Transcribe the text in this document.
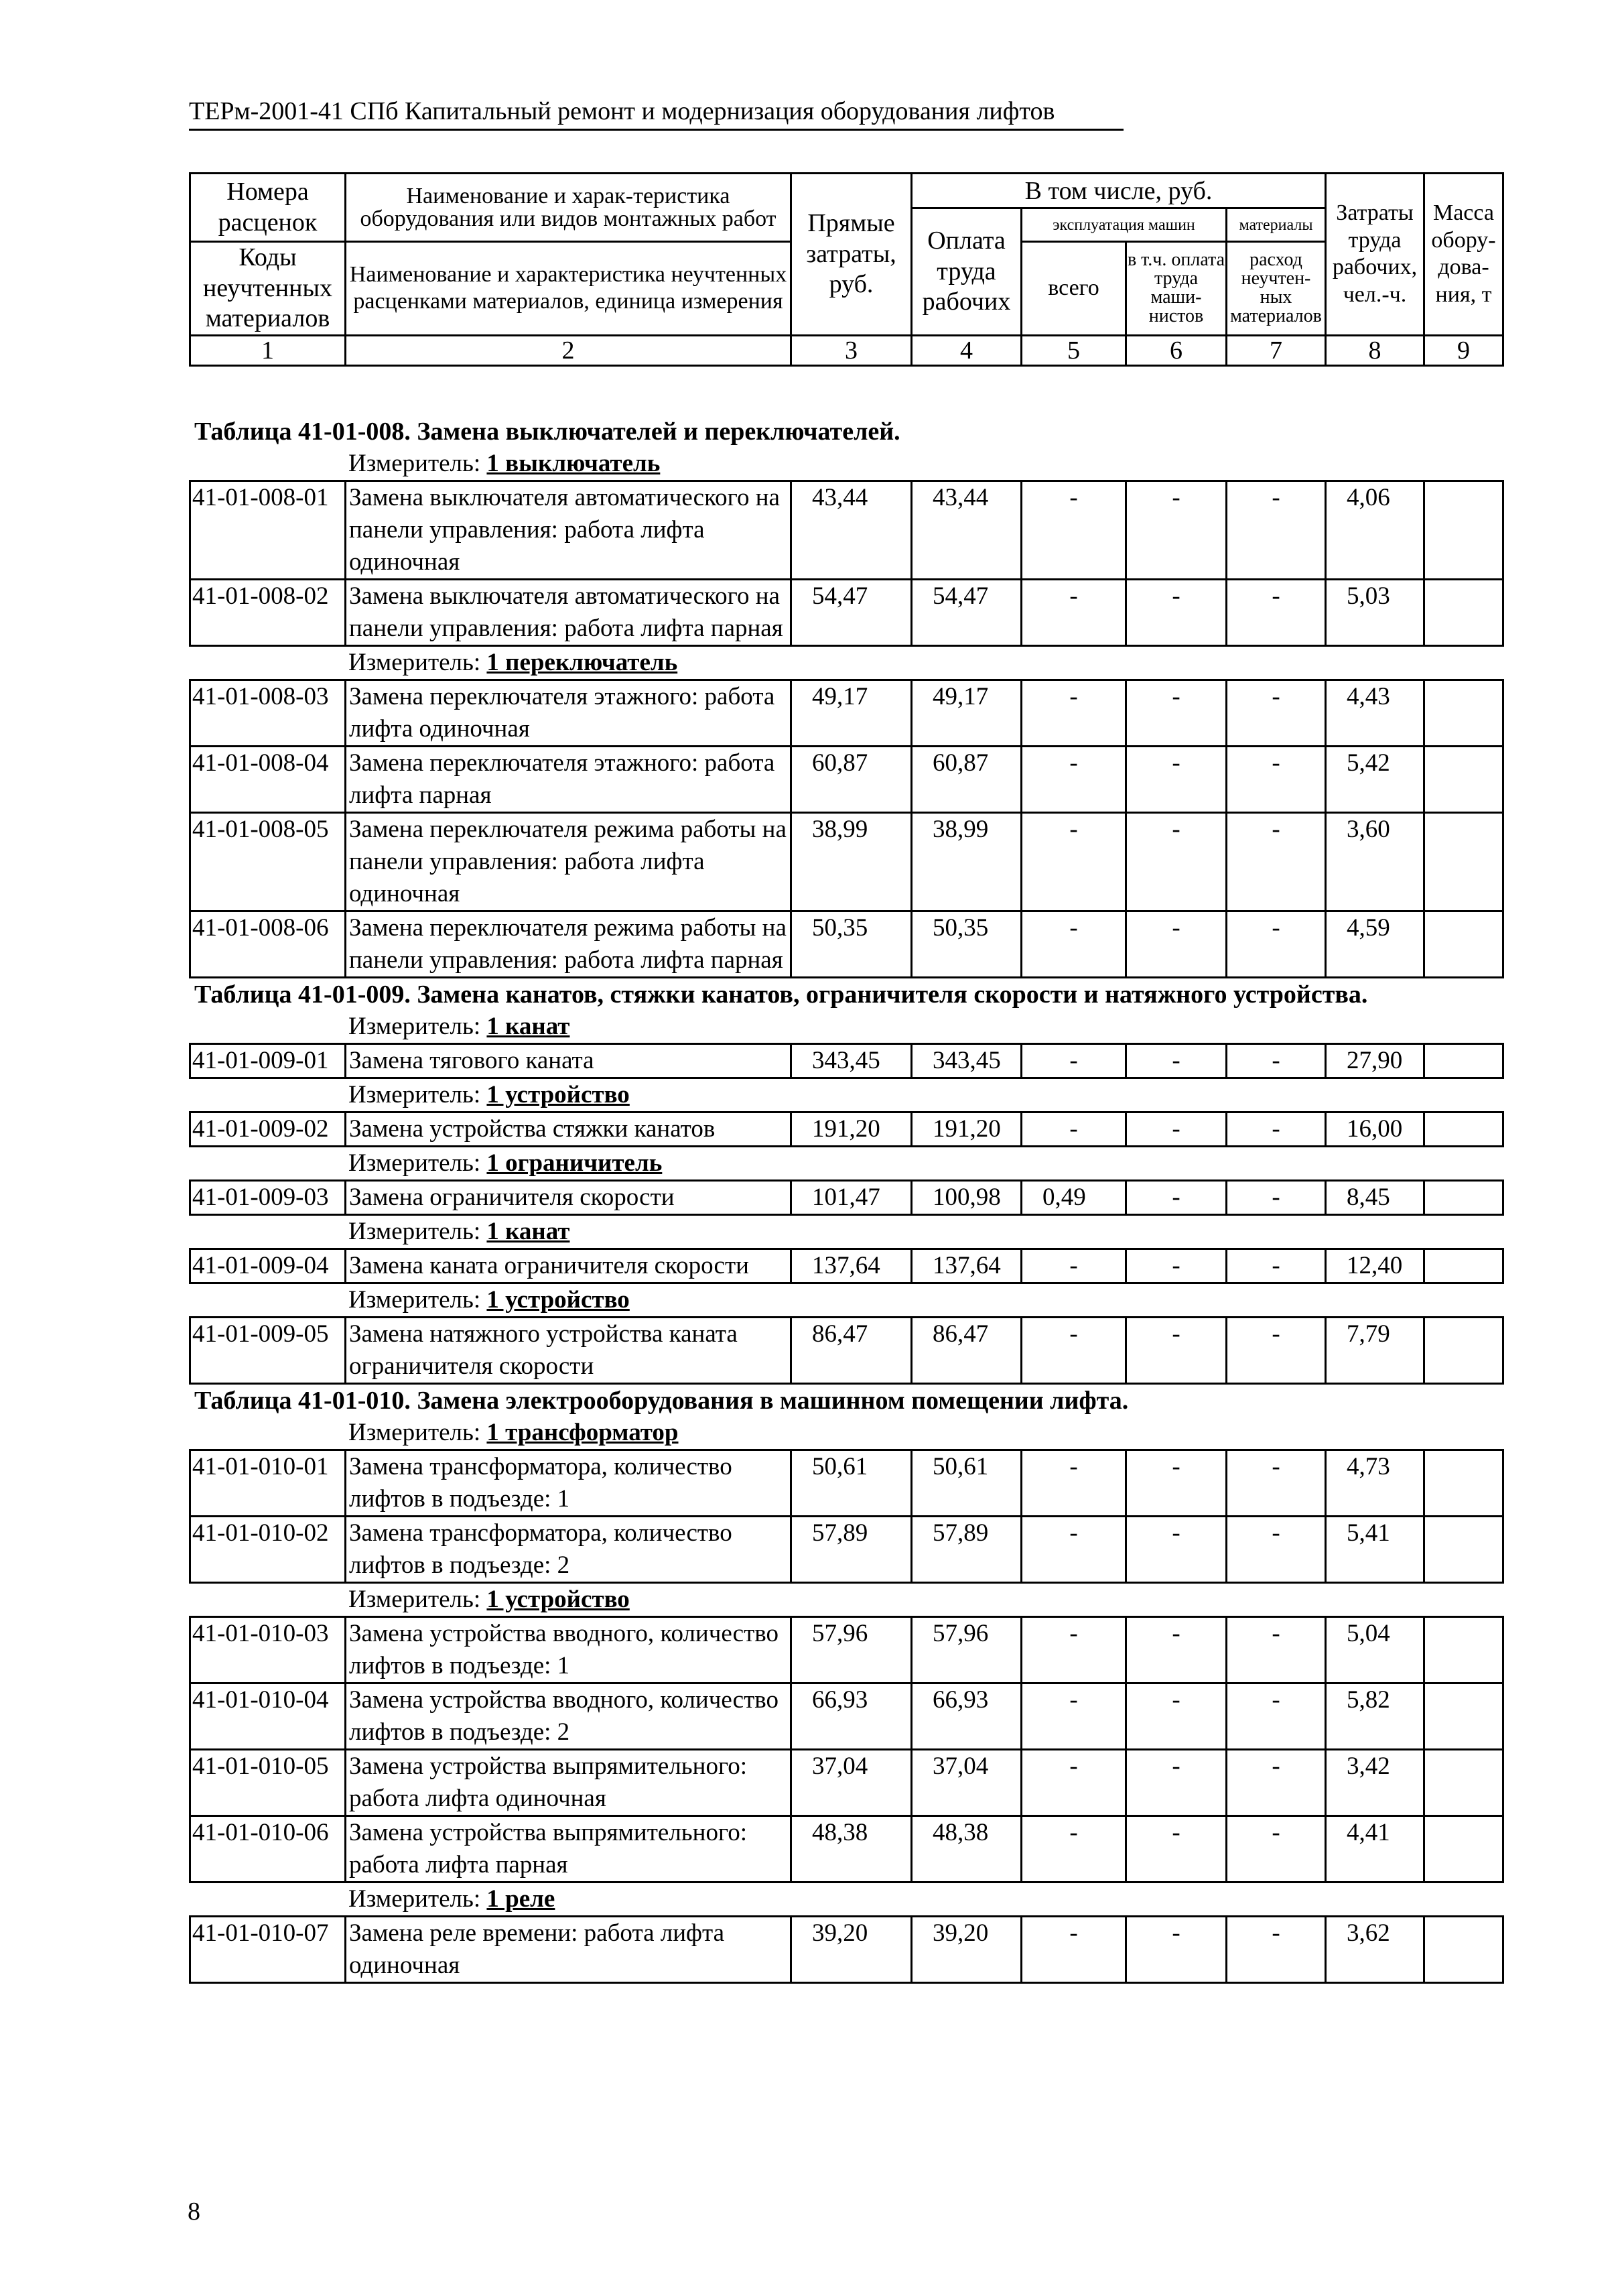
ТЕРм-2001-41 СПб Капитальный ремонт и модернизация оборудования лифтов
Номера расценок	Наименование и харак-теристика оборудования или видов монтажных работ	Прямые затраты, руб.	В том числе, руб.				Затраты труда рабочих, чел.-ч.	Масса обору-дова-ния, т
			Оплата труда рабочих	эксплуатация машин		материалы		
Коды неучтенных материалов	Наименование и характеристика неучтенных расценками материалов, единица измерения			всего	в т.ч. оплата труда маши-нистов	расход неучтен-ных материалов		

1	2	3	4	5	6	7	8	9
Таблица 41-01-008. Замена выключателей и переключателей.
Измеритель: 1 выключатель
41-01-008-01	Замена выключателя автоматического на панели управления: работа лифта одиночная	43,44	43,44	-	-	-	4,06	
41-01-008-02	Замена выключателя автоматического на панели управления: работа лифта парная	54,47	54,47	-	-	-	5,03	
Измеритель: 1 переключатель
41-01-008-03	Замена переключателя этажного: работа лифта одиночная	49,17	49,17	-	-	-	4,43	
41-01-008-04	Замена переключателя этажного: работа лифта парная	60,87	60,87	-	-	-	5,42	
41-01-008-05	Замена переключателя режима работы на панели управления: работа лифта одиночная	38,99	38,99	-	-	-	3,60	
41-01-008-06	Замена переключателя режима работы на панели управления: работа лифта парная	50,35	50,35	-	-	-	4,59	
Таблица 41-01-009. Замена канатов, стяжки канатов, ограничителя скорости и натяжного устройства.
Измеритель: 1 канат
41-01-009-01	Замена тягового каната	343,45	343,45	-	-	-	27,90	
Измеритель: 1 устройство
41-01-009-02	Замена устройства стяжки канатов	191,20	191,20	-	-	-	16,00	
Измеритель: 1 ограничитель
41-01-009-03	Замена ограничителя скорости	101,47	100,98	0,49	-	-	8,45	
Измеритель: 1 канат
41-01-009-04	Замена каната ограничителя скорости	137,64	137,64	-	-	-	12,40	
Измеритель: 1 устройство
41-01-009-05	Замена натяжного устройства каната ограничителя скорости	86,47	86,47	-	-	-	7,79	
Таблица 41-01-010. Замена электрооборудования в машинном помещении лифта.
Измеритель: 1 трансформатор
41-01-010-01	Замена трансформатора, количество лифтов в подъезде: 1	50,61	50,61	-	-	-	4,73	
41-01-010-02	Замена трансформатора, количество лифтов в подъезде: 2	57,89	57,89	-	-	-	5,41	
Измеритель: 1 устройство
41-01-010-03	Замена устройства вводного, количество лифтов в подъезде: 1	57,96	57,96	-	-	-	5,04	
41-01-010-04	Замена устройства вводного, количество лифтов в подъезде: 2	66,93	66,93	-	-	-	5,82	
41-01-010-05	Замена устройства выпрямительного: работа лифта одиночная	37,04	37,04	-	-	-	3,42	
41-01-010-06	Замена устройства выпрямительного: работа лифта парная	48,38	48,38	-	-	-	4,41	
Измеритель: 1 реле
41-01-010-07	Замена реле времени: работа лифта одиночная	39,20	39,20	-	-	-	3,62	
8
